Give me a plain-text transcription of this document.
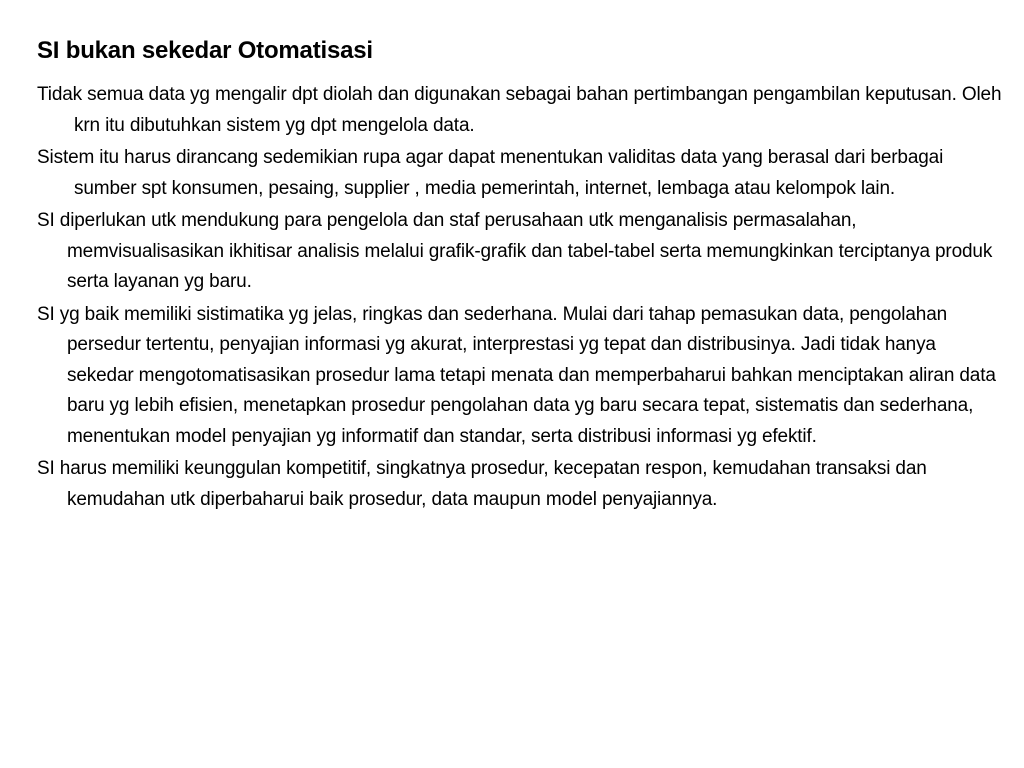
SI bukan sekedar Otomatisasi
Tidak semua data yg mengalir dpt diolah dan digunakan sebagai bahan pertimbangan pengambilan keputusan. Oleh krn itu dibutuhkan sistem yg dpt mengelola data.
Sistem itu harus dirancang sedemikian rupa agar dapat menentukan validitas data yang berasal dari berbagai sumber spt konsumen, pesaing, supplier , media pemerintah, internet, lembaga atau kelompok lain.
SI diperlukan utk mendukung para pengelola dan staf perusahaan utk menganalisis permasalahan, memvisualisasikan ikhitisar analisis melalui grafik-grafik dan tabel-tabel serta memungkinkan terciptanya produk serta layanan yg baru.
SI yg baik memiliki sistimatika yg jelas, ringkas dan sederhana. Mulai dari tahap pemasukan data, pengolahan persedur tertentu, penyajian informasi yg akurat, interprestasi yg tepat dan distribusinya. Jadi tidak hanya sekedar mengotomatisasikan prosedur lama tetapi menata dan memperbaharui bahkan menciptakan aliran data baru yg lebih efisien, menetapkan prosedur pengolahan data yg baru secara tepat, sistematis dan sederhana, menentukan model penyajian yg informatif dan standar, serta distribusi informasi yg efektif.
SI harus memiliki keunggulan kompetitif, singkatnya prosedur, kecepatan respon, kemudahan transaksi dan kemudahan utk diperbaharui baik prosedur, data maupun model penyajiannya.
